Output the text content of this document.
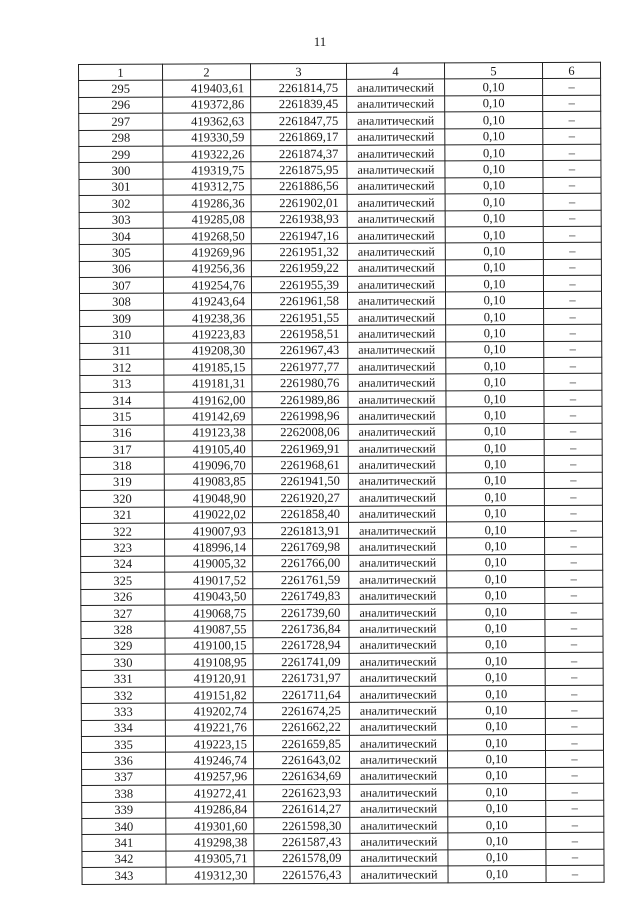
11
1	2	3	4	5	6
295	419403,61	2261814,75	аналитический	0,10	–
296	419372,86	2261839,45	аналитический	0,10	–
297	419362,63	2261847,75	аналитический	0,10	–
298	419330,59	2261869,17	аналитический	0,10	–
299	419322,26	2261874,37	аналитический	0,10	–
300	419319,75	2261875,95	аналитический	0,10	–
301	419312,75	2261886,56	аналитический	0,10	–
302	419286,36	2261902,01	аналитический	0,10	–
303	419285,08	2261938,93	аналитический	0,10	–
304	419268,50	2261947,16	аналитический	0,10	–
305	419269,96	2261951,32	аналитический	0,10	–
306	419256,36	2261959,22	аналитический	0,10	–
307	419254,76	2261955,39	аналитический	0,10	–
308	419243,64	2261961,58	аналитический	0,10	–
309	419238,36	2261951,55	аналитический	0,10	–
310	419223,83	2261958,51	аналитический	0,10	–
311	419208,30	2261967,43	аналитический	0,10	–
312	419185,15	2261977,77	аналитический	0,10	–
313	419181,31	2261980,76	аналитический	0,10	–
314	419162,00	2261989,86	аналитический	0,10	–
315	419142,69	2261998,96	аналитический	0,10	–
316	419123,38	2262008,06	аналитический	0,10	–
317	419105,40	2261969,91	аналитический	0,10	–
318	419096,70	2261968,61	аналитический	0,10	–
319	419083,85	2261941,50	аналитический	0,10	–
320	419048,90	2261920,27	аналитический	0,10	–
321	419022,02	2261858,40	аналитический	0,10	–
322	419007,93	2261813,91	аналитический	0,10	–
323	418996,14	2261769,98	аналитический	0,10	–
324	419005,32	2261766,00	аналитический	0,10	–
325	419017,52	2261761,59	аналитический	0,10	–
326	419043,50	2261749,83	аналитический	0,10	–
327	419068,75	2261739,60	аналитический	0,10	–
328	419087,55	2261736,84	аналитический	0,10	–
329	419100,15	2261728,94	аналитический	0,10	–
330	419108,95	2261741,09	аналитический	0,10	–
331	419120,91	2261731,97	аналитический	0,10	–
332	419151,82	2261711,64	аналитический	0,10	–
333	419202,74	2261674,25	аналитический	0,10	–
334	419221,76	2261662,22	аналитический	0,10	–
335	419223,15	2261659,85	аналитический	0,10	–
336	419246,74	2261643,02	аналитический	0,10	–
337	419257,96	2261634,69	аналитический	0,10	–
338	419272,41	2261623,93	аналитический	0,10	–
339	419286,84	2261614,27	аналитический	0,10	–
340	419301,60	2261598,30	аналитический	0,10	–
341	419298,38	2261587,43	аналитический	0,10	–
342	419305,71	2261578,09	аналитический	0,10	–
343	419312,30	2261576,43	аналитический	0,10	–
